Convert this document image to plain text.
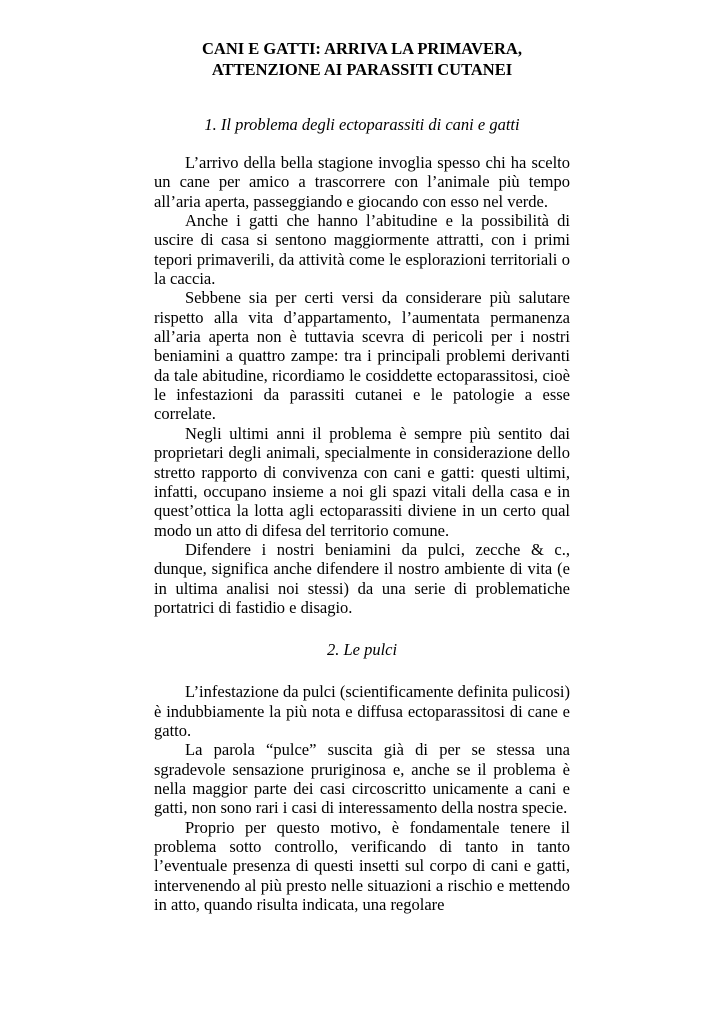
CANI E GATTI: ARRIVA LA PRIMAVERA,

ATTENZIONE AI PARASSITI CUTANEI

1. Il problema degli ectoparassiti di cani e gatti

L’arrivo della bella stagione invoglia spesso chi ha scelto un cane per amico a trascorrere con l’animale più tempo all’aria aperta, passeggiando e giocando con esso nel verde.

Anche i gatti che hanno l’abitudine e la possibilità di uscire di casa si sentono maggiormente attratti, con i primi tepori primaverili, da attività come le esplorazioni territoriali o la caccia.

Sebbene sia per certi versi da considerare più salutare rispetto alla vita d’appartamento, l’aumentata permanenza all’aria aperta non è tuttavia scevra di pericoli per i nostri beniamini a quattro zampe: tra i principali problemi derivanti da tale abitudine, ricordiamo le cosiddette ectoparassitosi, cioè le infestazioni da parassiti cutanei e le patologie a esse correlate.

Negli ultimi anni il problema è sempre più sentito dai proprietari degli animali, specialmente in considerazione dello stretto rapporto di convivenza con cani e gatti: questi ultimi, infatti, occupano insieme a noi gli spazi vitali della casa e in quest’ottica la lotta agli ectoparassiti diviene in un certo qual modo un atto di difesa del territorio comune.

Difendere i nostri beniamini da pulci, zecche & c., dunque, significa anche difendere il nostro ambiente di vita (e in ultima analisi noi stessi) da una serie di problematiche portatrici di fastidio e disagio.

2. Le pulci

L’infestazione da pulci (scientificamente definita pulicosi) è indubbiamente la più nota e diffusa ectoparassitosi di cane e gatto.

La parola “pulce” suscita già di per se stessa una sgradevole sensazione pruriginosa e, anche se il problema è nella maggior parte dei casi circoscritto unicamente a cani e gatti, non sono rari i casi di interessamento della nostra specie.

Proprio per questo motivo, è fondamentale tenere il problema sotto controllo, verificando di tanto in tanto l’eventuale presenza di questi insetti sul corpo di cani e gatti, intervenendo al più presto nelle situazioni a rischio e mettendo in atto, quando risulta indicata, una regolare
